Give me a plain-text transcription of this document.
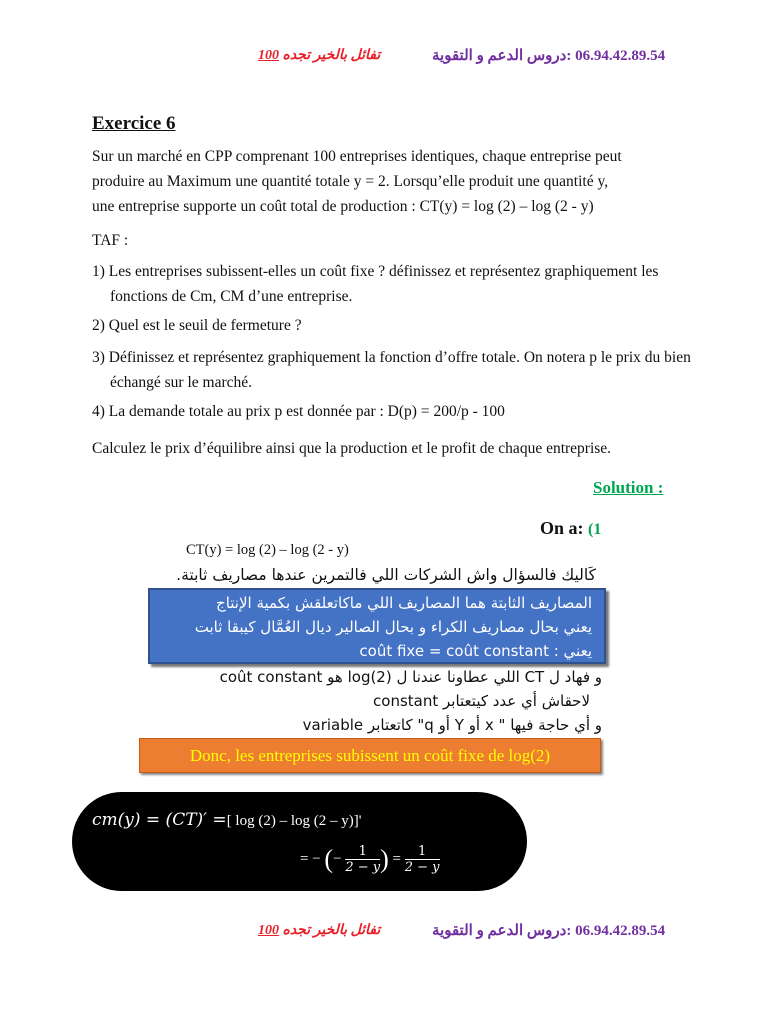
تفائل بالخير تجده 100	06.94.42.89.54 :دروس الدعم و التقوية
Exercice 6

Sur un marché en CPP comprenant 100 entreprises identiques, chaque entreprise peut

produire au Maximum une quantité totale y = 2. Lorsqu’elle produit une quantité y,

une entreprise supporte un coût total de production : CT(y) = log (2) – log (2 - y)

TAF :

1) Les entreprises subissent-elles un coût fixe ? définissez et représentez graphiquement les fonctions de Cm, CM d’une entreprise.

2) Quel est le seuil de fermeture ?

3) Définissez et représentez graphiquement la fonction d’offre totale. On notera p le prix du bien échangé sur le marché.

4) La demande totale au prix p est donnée par : D(p) = 200/p - 100

Calculez le prix d’équilibre ainsi que la production et le profit de chaque entreprise.

Solution :
On a: (1
CT(y) = log (2) – log (2 - y)
كَاليك فالسؤال واش الشركات اللي فالتمرين عندها مصاريف ثابتة.
المصاريف الثابتة هما المصاريف اللي ماكاتعلقش بكمية الإنتاج
يعني بحال مصاريف الكراء و بحال الصالير ديال العُمَّال كيبقا ثابت
يعني : coût fixe = coût constant
و فهاد ل CT اللي عطاونا عندنا ل log(2) هو coût constant
لاحقاش أي عدد كيتعتابر constant
و أي حاجة فيها " x أو Y أو q" كاتعتابر variable
Donc, les entreprises subissent un coût fixe de log(2)
cm(y) = (CT)′ =[ log (2) – log (2 – y)]'
= − (− $\frac{1}{2 - y}$ ) = $\frac{1}{2 - y}$
تفائل بالخير تجده 100	06.94.42.89.54 :دروس الدعم و التقوية
